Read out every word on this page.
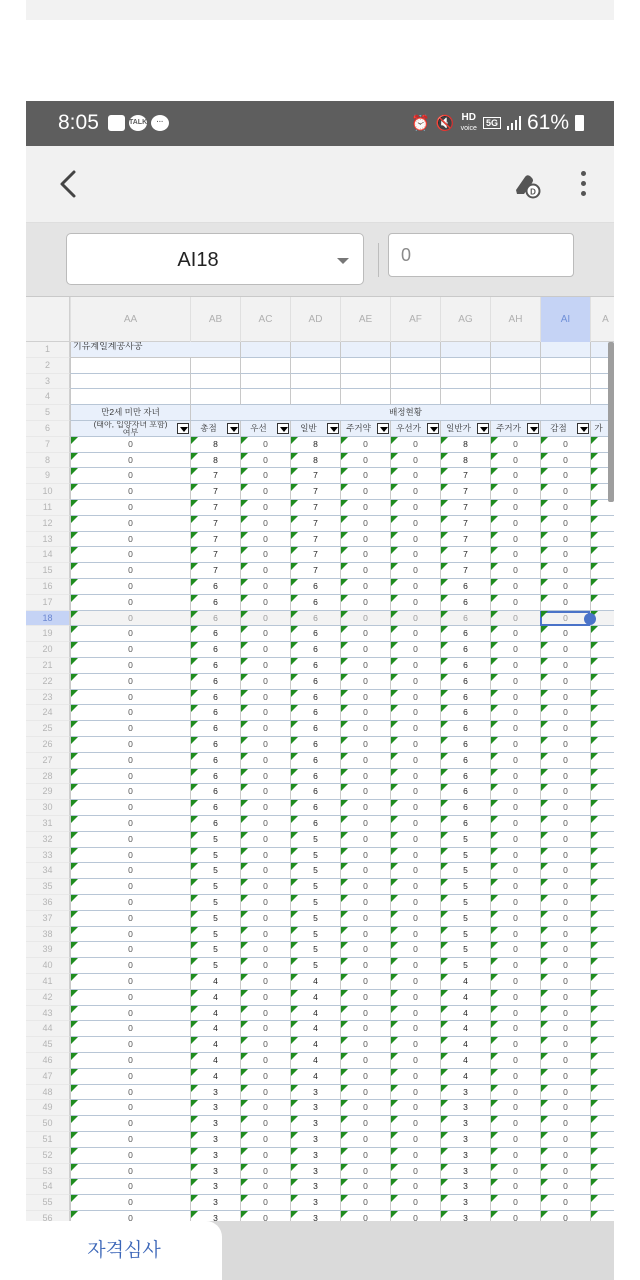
8:05	TALK	···	⏰ 🔇 HD
voice	5G 61%
D
AI18	0
AA	AB	AC	AD	AE	AF	AG	AH	AI	A
1	기유계일계공사공
2
3
4
5	만2세 미만 자녀	배정현황
6	(태아, 입양자녀 포함)
여부	총점	우선	일반	주거약	우선가	일반가	주거가	감점	가
7	0	8	0	8	0	0	8	0	0
8	0	8	0	8	0	0	8	0	0
9	0	7	0	7	0	0	7	0	0
10	0	7	0	7	0	0	7	0	0
11	0	7	0	7	0	0	7	0	0
12	0	7	0	7	0	0	7	0	0
13	0	7	0	7	0	0	7	0	0
14	0	7	0	7	0	0	7	0	0
15	0	7	0	7	0	0	7	0	0
16	0	6	0	6	0	0	6	0	0
17	0	6	0	6	0	0	6	0	0
18	0	6	0	6	0	0	6	0	0
19	0	6	0	6	0	0	6	0	0
20	0	6	0	6	0	0	6	0	0
21	0	6	0	6	0	0	6	0	0
22	0	6	0	6	0	0	6	0	0
23	0	6	0	6	0	0	6	0	0
24	0	6	0	6	0	0	6	0	0
25	0	6	0	6	0	0	6	0	0
26	0	6	0	6	0	0	6	0	0
27	0	6	0	6	0	0	6	0	0
28	0	6	0	6	0	0	6	0	0
29	0	6	0	6	0	0	6	0	0
30	0	6	0	6	0	0	6	0	0
31	0	6	0	6	0	0	6	0	0
32	0	5	0	5	0	0	5	0	0
33	0	5	0	5	0	0	5	0	0
34	0	5	0	5	0	0	5	0	0
35	0	5	0	5	0	0	5	0	0
36	0	5	0	5	0	0	5	0	0
37	0	5	0	5	0	0	5	0	0
38	0	5	0	5	0	0	5	0	0
39	0	5	0	5	0	0	5	0	0
40	0	5	0	5	0	0	5	0	0
41	0	4	0	4	0	0	4	0	0
42	0	4	0	4	0	0	4	0	0
43	0	4	0	4	0	0	4	0	0
44	0	4	0	4	0	0	4	0	0
45	0	4	0	4	0	0	4	0	0
46	0	4	0	4	0	0	4	0	0
47	0	4	0	4	0	0	4	0	0
48	0	3	0	3	0	0	3	0	0
49	0	3	0	3	0	0	3	0	0
50	0	3	0	3	0	0	3	0	0
51	0	3	0	3	0	0	3	0	0
52	0	3	0	3	0	0	3	0	0
53	0	3	0	3	0	0	3	0	0
54	0	3	0	3	0	0	3	0	0
55	0	3	0	3	0	0	3	0	0
56	0	3	0	3	0	0	3	0	0
자격심사
